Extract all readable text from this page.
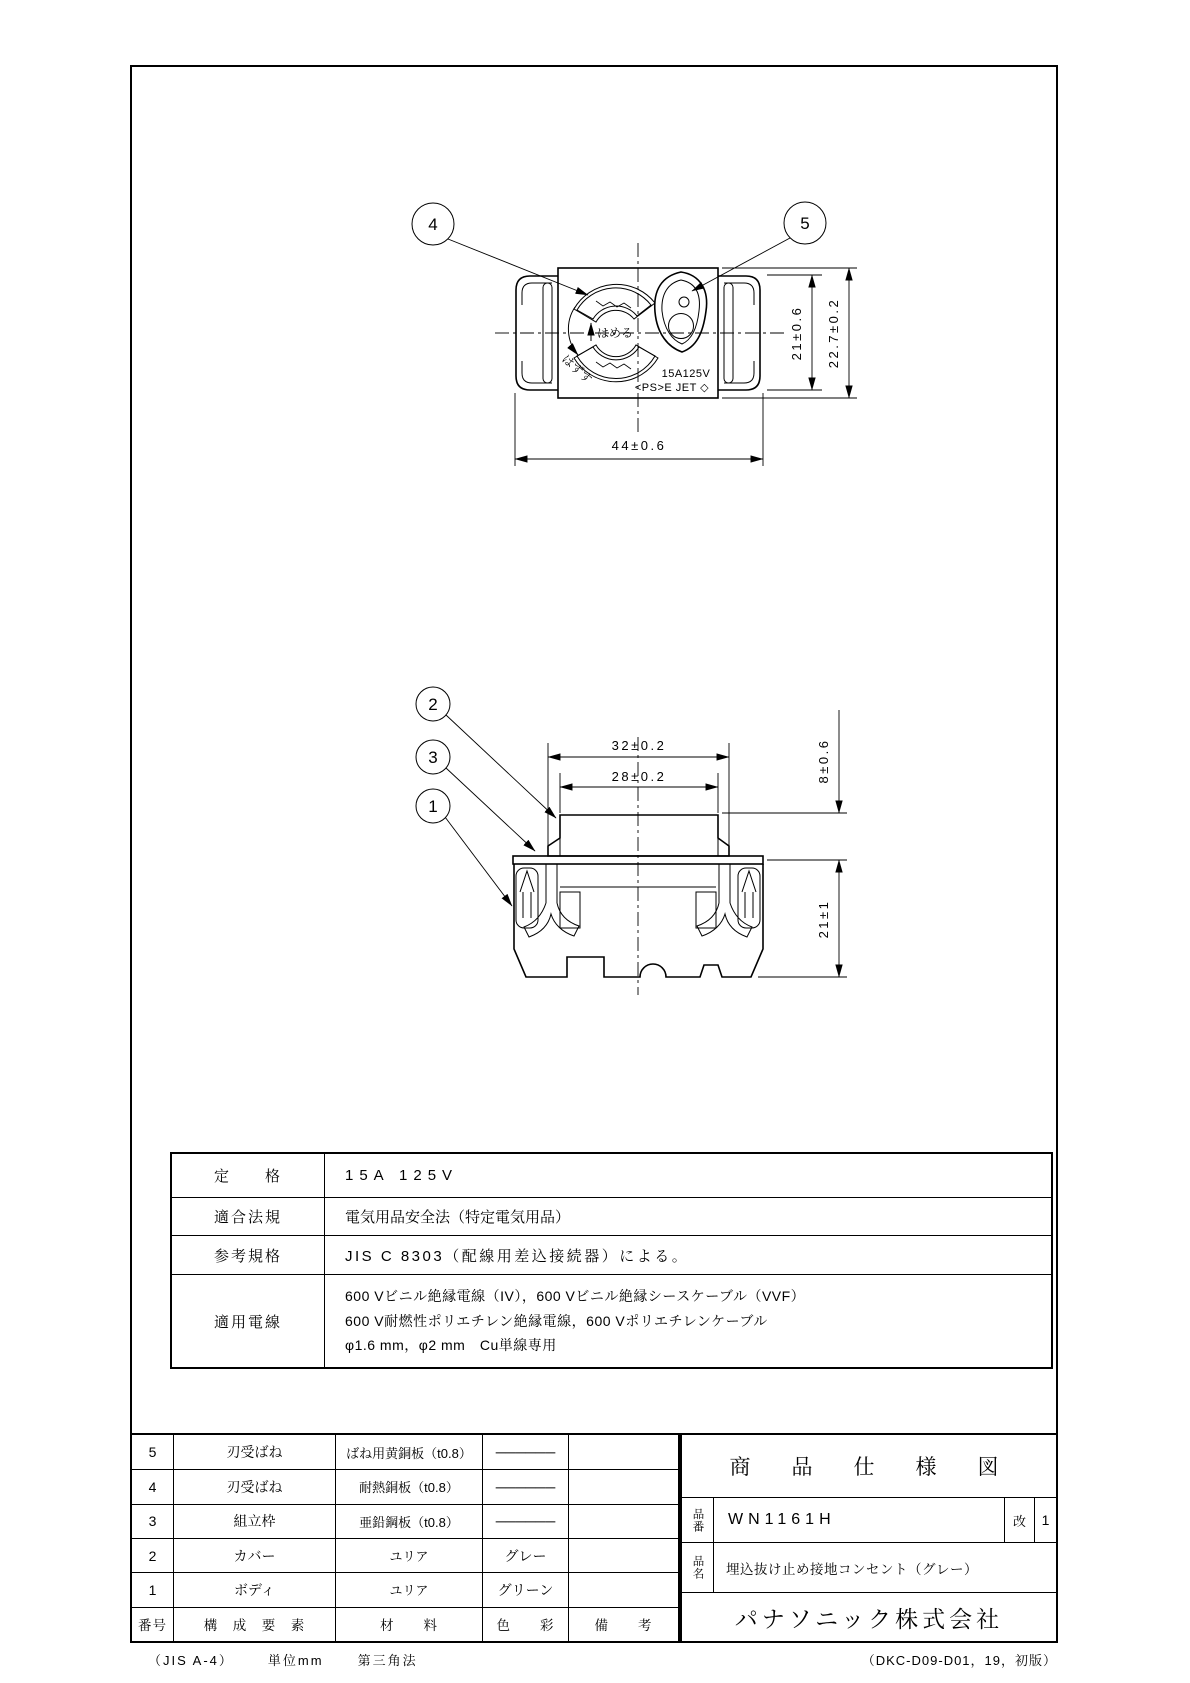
はめる
はずす	15A125V
<PS>E JET ◇
21±0.6 22.7±0.2
44±0.6
4	5
32±0.2
28±0.2	8±0.6
21±1
2
3
1
定　　格	15A 125V
適合法規	電気用品安全法（特定電気用品）
参考規格	JIS C 8303（配線用差込接続器）による。
適用電線
600 Vビニル絶縁電線（IV），600 Vビニル絶縁シースケーブル（VVF）
600 V耐燃性ポリエチレン絶縁電線，600 Vポリエチレンケーブル
φ1.6 mm，φ2 mm　Cu単線専用
5	刃受ばね	ばね用黄銅板（t0.8）	──────
4	刃受ばね	耐熱銅板（t0.8）	──────
3	組立枠	亜鉛鋼板（t0.8）	──────
2	カバー	ユリア	グレー
1	ボディ	ユリア	グリーン
番号	構　成　要　素	材　　料	色　　彩	備　　考
商　品　仕　様　図
品番	WN1161H	改	1
品名	埋込抜け止め接地コンセント（グレー）
パナソニック株式会社
（JIS A-4）	単位mm	第三角法	（DKC-D09-D01，19，初版）
